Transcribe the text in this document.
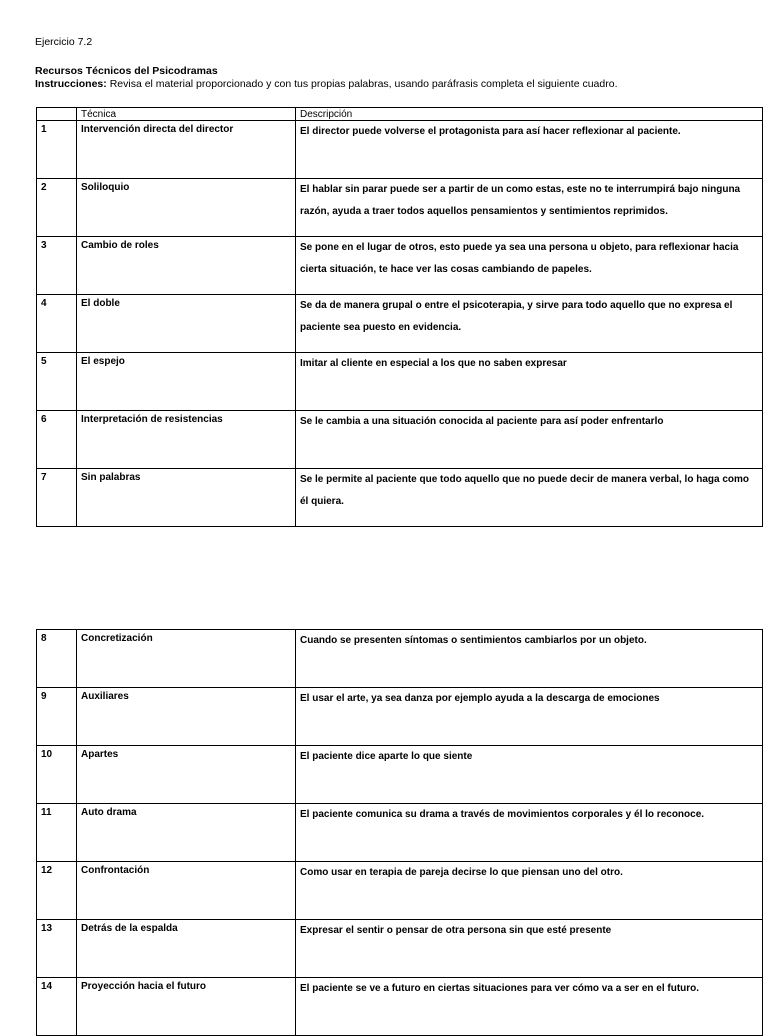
Ejercicio 7.2
Recursos Técnicos del Psicodramas
Instrucciones: Revisa el material proporcionado y con tus propias palabras, usando paráfrasis completa el siguiente cuadro.
	Técnica	Descripción
1	Intervención directa del director	El director puede volverse el protagonista para así hacer reflexionar al paciente.
2	Soliloquio	El hablar sin parar puede ser a partir de un como estas, este no te interrumpirá bajo ninguna razón, ayuda a traer todos aquellos pensamientos y sentimientos reprimidos.
3	Cambio de roles	Se pone en el lugar de otros, esto puede ya sea una persona u objeto, para reflexionar hacia cierta situación, te hace ver las cosas cambiando de papeles.
4	El doble	Se da de manera grupal o entre el psicoterapia, y sirve para todo aquello que no expresa el paciente sea puesto en evidencia.
5	El espejo	Imitar al cliente en especial a los que no saben expresar
6	Interpretación de resistencias	Se le cambia a una situación conocida al paciente para así poder enfrentarlo
7	Sin palabras	Se le permite al paciente que todo aquello que no puede decir de manera verbal, lo haga como él quiera.
8	Concretización	Cuando se presenten síntomas o sentimientos cambiarlos por un objeto.
9	Auxiliares	El usar el arte, ya sea danza por ejemplo ayuda a la descarga de emociones
10	Apartes	El paciente dice aparte lo que siente
11	Auto drama	El paciente comunica su drama a través de movimientos corporales y él lo reconoce.
12	Confrontación	Como usar en terapia de pareja decirse lo que piensan uno del otro.
13	Detrás de la espalda	Expresar el sentir o pensar de otra persona sin que esté presente
14	Proyección hacia el futuro	El paciente se ve a futuro en ciertas situaciones para ver cómo va a ser en el futuro.
